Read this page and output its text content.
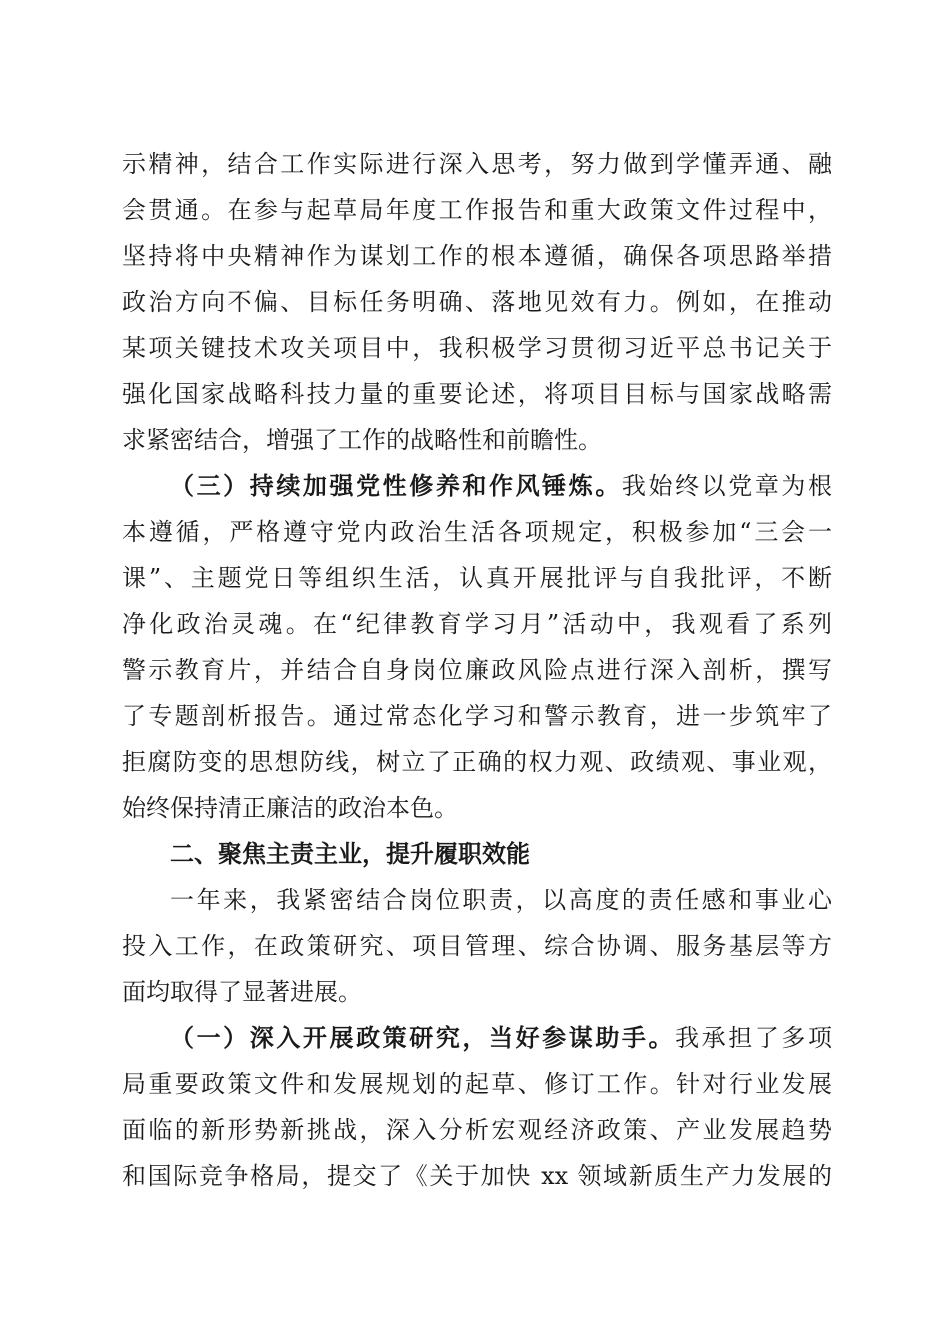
示精神，结合工作实际进行深入思考，努力做到学懂弄通、融
会贯通。在参与起草局年度工作报告和重大政策文件过程中，
坚持将中央精神作为谋划工作的根本遵循，确保各项思路举措
政治方向不偏、目标任务明确、落地见效有力。例如，在推动
某项关键技术攻关项目中，我积极学习贯彻习近平总书记关于
强化国家战略科技力量的重要论述，将项目目标与国家战略需
求紧密结合，增强了工作的战略性和前瞻性。
（三）持续加强党性修养和作风锤炼。我始终以党章为根
本遵循，严格遵守党内政治生活各项规定，积极参加“三会一
课”、主题党日等组织生活，认真开展批评与自我批评，不断
净化政治灵魂。在“纪律教育学习月”活动中，我观看了系列
警示教育片，并结合自身岗位廉政风险点进行深入剖析，撰写
了专题剖析报告。通过常态化学习和警示教育，进一步筑牢了
拒腐防变的思想防线，树立了正确的权力观、政绩观、事业观，
始终保持清正廉洁的政治本色。
二、聚焦主责主业，提升履职效能
一年来，我紧密结合岗位职责，以高度的责任感和事业心
投入工作，在政策研究、项目管理、综合协调、服务基层等方
面均取得了显著进展。
（一）深入开展政策研究，当好参谋助手。我承担了多项
局重要政策文件和发展规划的起草、修订工作。针对行业发展
面临的新形势新挑战，深入分析宏观经济政策、产业发展趋势
和国际竞争格局，提交了《关于加快 xx 领域新质生产力发展的
